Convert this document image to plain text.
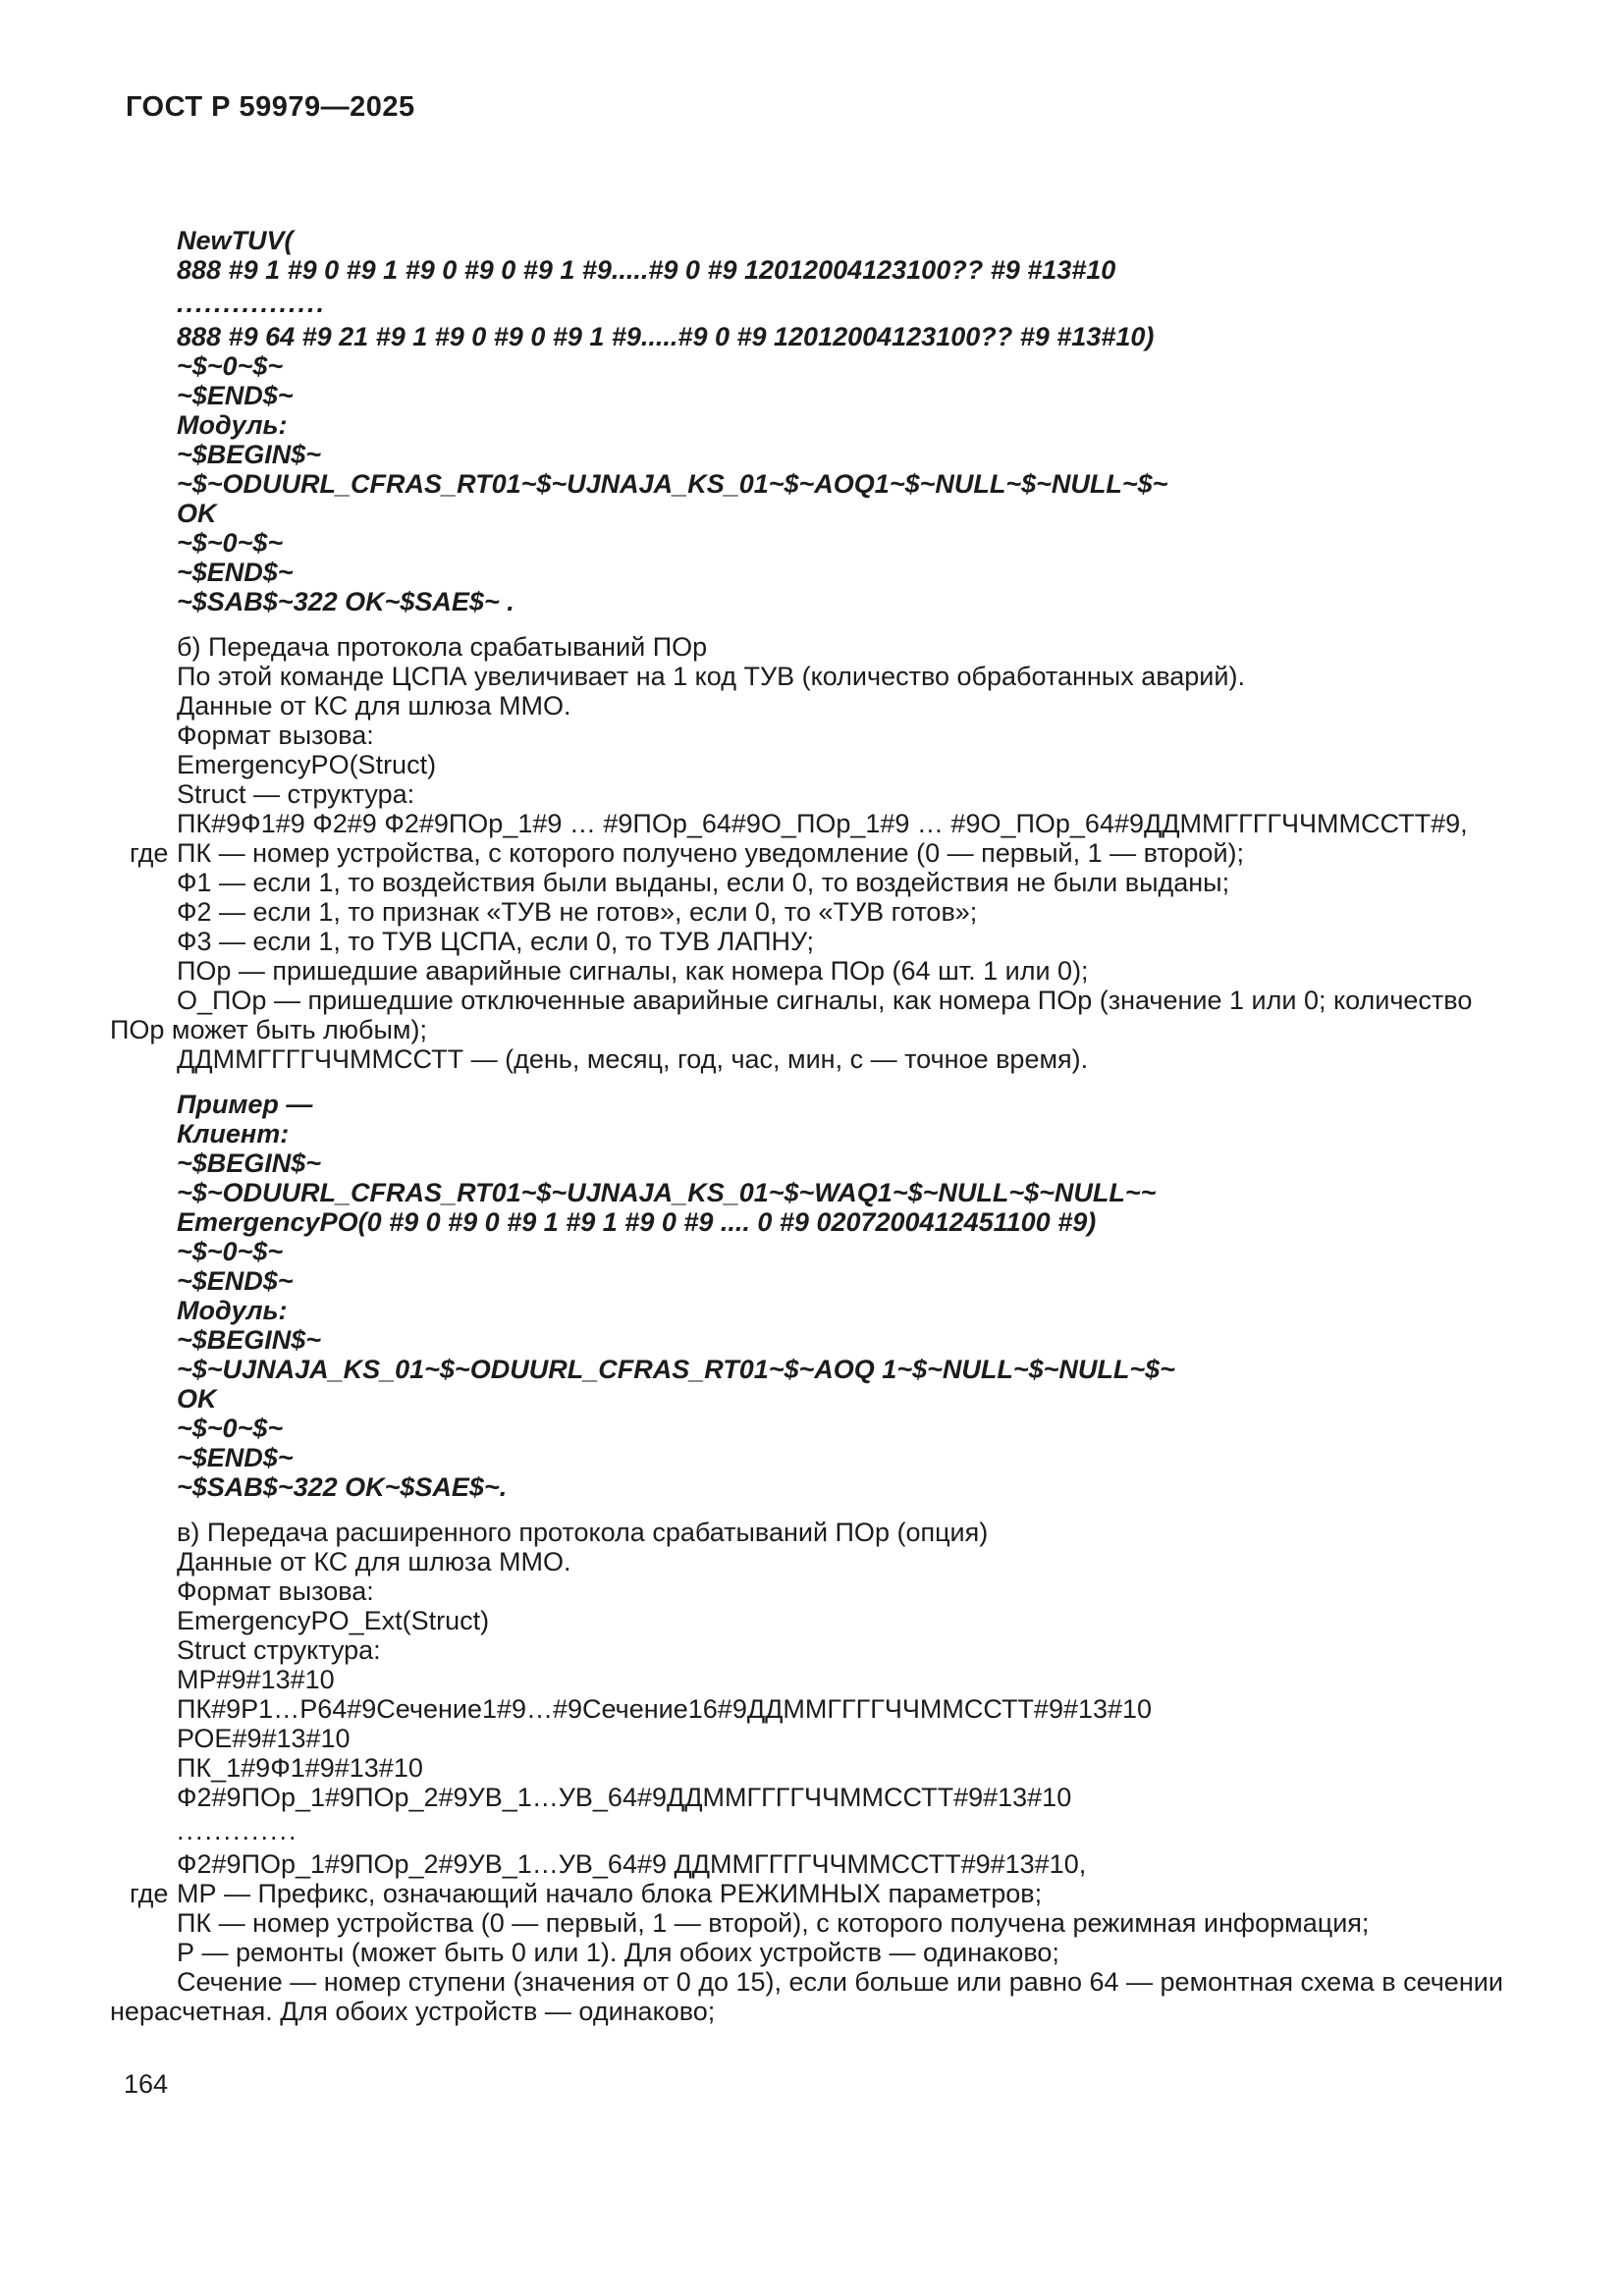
ГОСТ Р 59979—2025
NewTUV(
888 #9 1 #9 0 #9 1 #9 0 #9 0 #9 1 #9.....#9 0 #9 12012004123100?? #9 #13#10
................
888 #9 64 #9 21 #9 1 #9 0 #9 0 #9 1 #9.....#9 0 #9 12012004123100?? #9 #13#10)
~$~0~$~
~$END$~
Модуль:
~$BEGIN$~
~$~ODUURL_CFRAS_RT01~$~UJNAJA_KS_01~$~AOQ1~$~NULL~$~NULL~$~
OK
~$~0~$~
~$END$~
~$SAB$~322 OK~$SAE$~ .
б) Передача протокола срабатываний ПОр
По этой команде ЦСПА увеличивает на 1 код ТУВ (количество обработанных аварий).
Данные от КС для шлюза ММО.
Формат вызова:
EmergencyPO(Struct)
Struct — структура:
ПК#9Ф1#9 Ф2#9 Ф2#9ПОр_1#9 … #9ПОр_64#9О_ПОр_1#9 … #9О_ПОр_64#9ДДММГГГГЧЧММССТТ#9,
где ПК — номер устройства, с которого получено уведомление (0 — первый, 1 — второй);
Ф1 — если 1, то воздействия были выданы, если 0, то воздействия не были выданы;
Ф2 — если 1, то признак «ТУВ не готов», если 0, то «ТУВ готов»;
Ф3 — если 1, то ТУВ ЦСПА, если 0, то ТУВ ЛАПНУ;
ПОр — пришедшие аварийные сигналы, как номера ПОр (64 шт. 1 или 0);
О_ПОр — пришедшие отключенные аварийные сигналы, как номера ПОр (значение 1 или 0; количество ПОр может быть любым);
ДДММГГГГЧЧММССТТ — (день, месяц, год, час, мин, с — точное время).
Пример —
Клиент:
~$BEGIN$~
~$~ODUURL_CFRAS_RT01~$~UJNAJA_KS_01~$~WAQ1~$~NULL~$~NULL~~
EmergencyPO(0 #9 0 #9 0 #9 1 #9 1 #9 0 #9 .... 0 #9 0207200412451100 #9)
~$~0~$~
~$END$~
Модуль:
~$BEGIN$~
~$~UJNAJA_KS_01~$~ODUURL_CFRAS_RT01~$~AOQ 1~$~NULL~$~NULL~$~
OK
~$~0~$~
~$END$~
~$SAB$~322 OK~$SAE$~.
в) Передача расширенного протокола срабатываний ПОр (опция)
Данные от КС для шлюза ММО.
Формат вызова:
EmergencyPO_Ext(Struct)
Struct структура:
МР#9#13#10
ПК#9Р1…Р64#9Сечение1#9…#9Сечение16#9ДДММГГГГЧЧММССТТ#9#13#10
РОЕ#9#13#10
ПК_1#9Ф1#9#13#10
Ф2#9ПОр_1#9ПОр_2#9УВ_1…УВ_64#9ДДММГГГГЧЧММССТТ#9#13#10
.............
Ф2#9ПОр_1#9ПОр_2#9УВ_1…УВ_64#9 ДДММГГГГЧЧММССТТ#9#13#10,
где МР — Префикс, означающий начало блока РЕЖИМНЫХ параметров;
ПК — номер устройства (0 — первый, 1 — второй), с которого получена режимная информация;
Р — ремонты (может быть 0 или 1). Для обоих устройств — одинаково;
Сечение — номер ступени (значения от 0 до 15), если больше или равно 64 — ремонтная схема в сечении нерасчетная. Для обоих устройств — одинаково;
164
